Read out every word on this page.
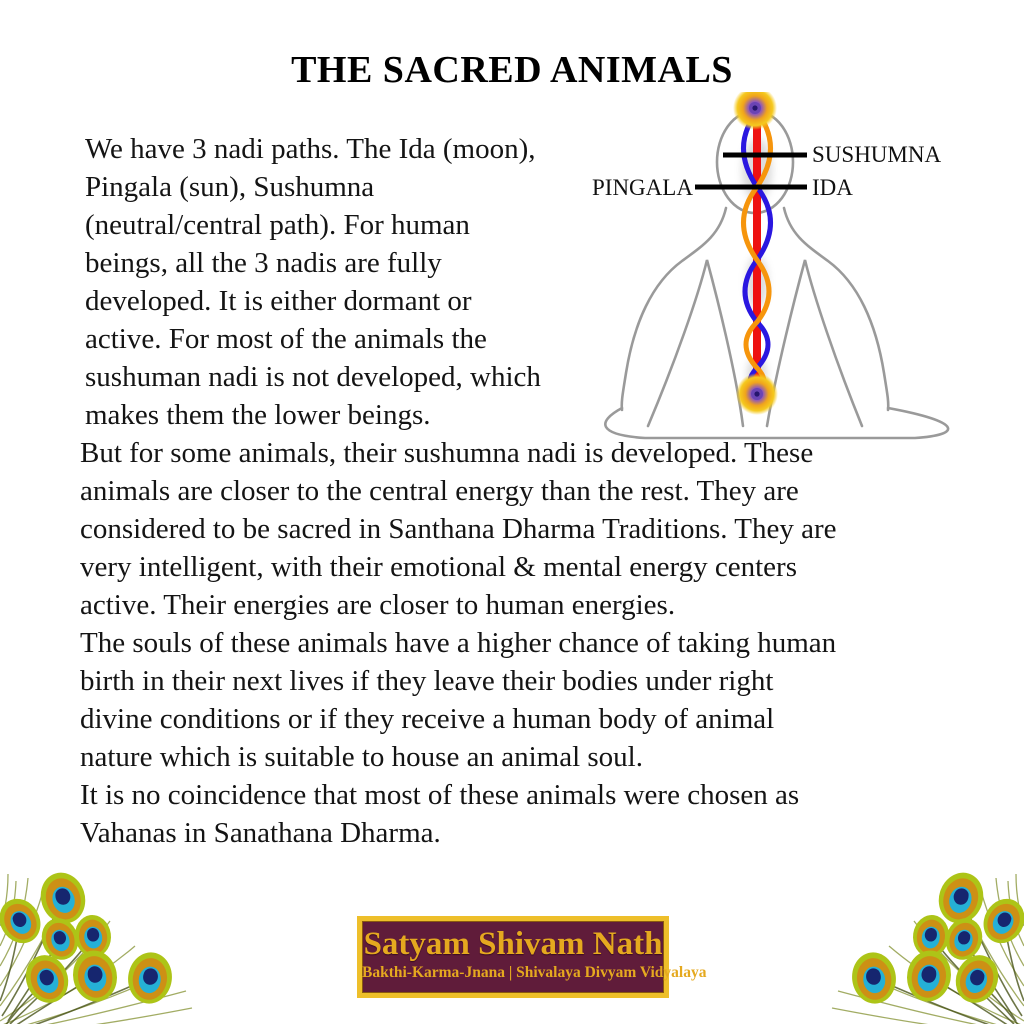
THE SACRED ANIMALS

We have 3 nadi paths. The Ida (moon),
Pingala (sun), Sushumna
(neutral/central path). For human
beings, all the 3 nadis are fully
developed. It is either dormant or
active. For most of the animals the
sushuman nadi is not developed, which
makes them the lower beings.

But for some animals, their sushumna nadi is developed. These
animals are closer to the central energy than the rest. They are
considered to be sacred in Santhana Dharma Traditions. They are
very intelligent, with their emotional & mental energy centers
active. Their energies are closer to human energies.

The souls of these animals have a higher chance of taking human
birth in their next lives if they leave their bodies under right
divine conditions or if they receive a human body of animal
nature which is suitable to house an animal soul.

It is no coincidence that most of these animals were chosen as
Vahanas in Sanathana Dharma.

SUSHUMNA
PINGALA	IDA
Satyam Shivam Nath
Bakthi-Karma-Jnana | Shivalaya Divyam Vidyalaya
